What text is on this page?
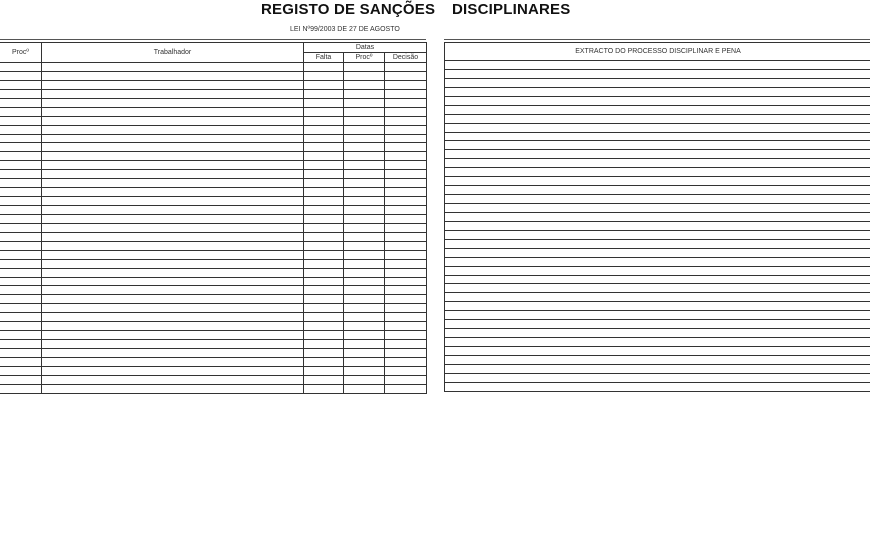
REGISTO DE SANÇÕES DISCIPLINARES
LEI Nº99/2003 DE 27 DE AGOSTO
Procº	Trabalhador	Datas		
		Falta	Procº	Decisão

EXTRACTO DO PROCESSO DISCIPLINAR E PENA
